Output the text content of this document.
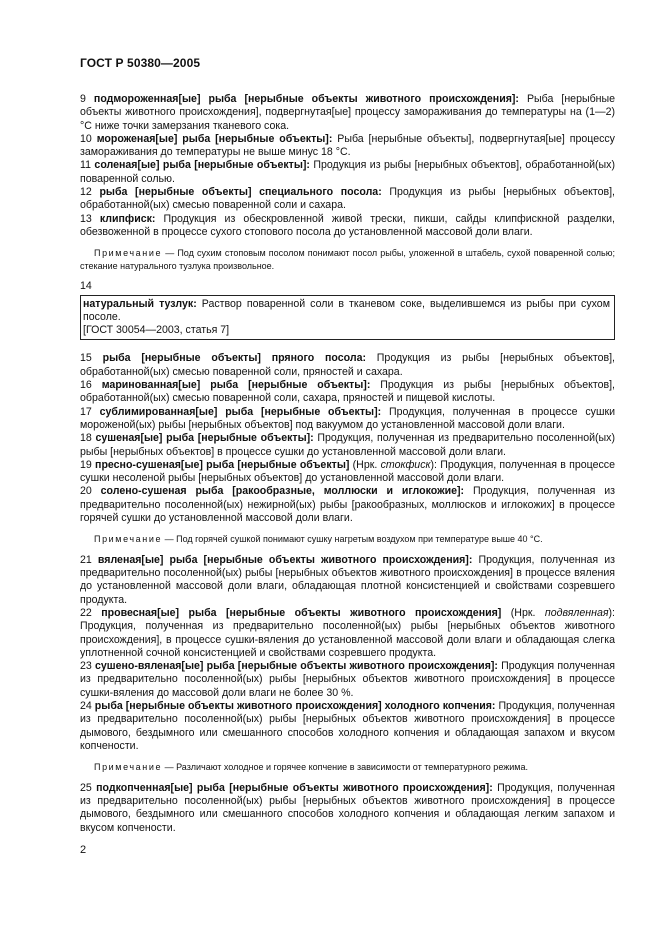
ГОСТ Р 50380—2005

9 подмороженная[ые] рыба [нерыбные объекты животного происхождения]: Рыба [нерыбные объекты животного происхождения], подвергнутая[ые] процессу замораживания до температуры на (1—2) °С ниже точки замерзания тканевого сока.

10 мороженая[ые] рыба [нерыбные объекты]: Рыба [нерыбные объекты], подвергнутая[ые] процессу замораживания до температуры не выше минус 18 °С.

11 соленая[ые] рыба [нерыбные объекты]: Продукция из рыбы [нерыбных объектов], обработанной(ых) поваренной солью.

12 рыба [нерыбные объекты] специального посола: Продукция из рыбы [нерыбных объектов], обработанной(ых) смесью поваренной соли и сахара.

13 клипфиск: Продукция из обескровленной живой трески, пикши, сайды клипфискной разделки, обезвоженной в процессе сухого стопового посола до установленной массовой доли влаги.

Примечание — Под сухим стоповым посолом понимают посол рыбы, уложенной в штабель, сухой поваренной солью; стекание натурального тузлука произвольное.

14

натуральный тузлук: Раствор поваренной соли в тканевом соке, выделившемся из рыбы при сухом посоле.

[ГОСТ 30054—2003, статья 7]

15 рыба [нерыбные объекты] пряного посола: Продукция из рыбы [нерыбных объектов], обработанной(ых) смесью поваренной соли, пряностей и сахара.

16 маринованная[ые] рыба [нерыбные объекты]: Продукция из рыбы [нерыбных объектов], обработанной(ых) смесью поваренной соли, сахара, пряностей и пищевой кислоты.

17 сублимированная[ые] рыба [нерыбные объекты]: Продукция, полученная в процессе сушки мороженой(ых) рыбы [нерыбных объектов] под вакуумом до установленной массовой доли влаги.

18 сушеная[ые] рыба [нерыбные объекты]: Продукция, полученная из предварительно посоленной(ых) рыбы [нерыбных объектов] в процессе сушки до установленной массовой доли влаги.

19 пресно-сушеная[ые] рыба [нерыбные объекты] (Нрк. стокфиск): Продукция, полученная в процессе сушки несоленой рыбы [нерыбных объектов] до установленной массовой доли влаги.

20 солено-сушеная рыба [ракообразные, моллюски и иглокожие]: Продукция, полученная из предварительно посоленной(ых) нежирной(ых) рыбы [ракообразных, моллюсков и иглокожих] в процессе горячей сушки до установленной массовой доли влаги.

Примечание — Под горячей сушкой понимают сушку нагретым воздухом при температуре выше 40 °С.

21 вяленая[ые] рыба [нерыбные объекты животного происхождения]: Продукция, полученная из предварительно посоленной(ых) рыбы [нерыбных объектов животного происхождения] в процессе вяления до установленной массовой доли влаги, обладающая плотной консистенцией и свойствами созревшего продукта.

22 провесная[ые] рыба [нерыбные объекты животного происхождения] (Нрк. подвяленная): Продукция, полученная из предварительно посоленной(ых) рыбы [нерыбных объектов животного происхождения], в процессе сушки-вяления до установленной массовой доли влаги и обладающая слегка уплотненной сочной консистенцией и свойствами созревшего продукта.

23 сушено-вяленая[ые] рыба [нерыбные объекты животного происхождения]: Продукция полученная из предварительно посоленной(ых) рыбы [нерыбных объектов животного происхождения] в процессе сушки-вяления до массовой доли влаги не более 30 %.

24 рыба [нерыбные объекты животного происхождения] холодного копчения: Продукция, полученная из предварительно посоленной(ых) рыбы [нерыбных объектов животного происхождения] в процессе дымового, бездымного или смешанного способов холодного копчения и обладающая запахом и вкусом копчености.

Примечание — Различают холодное и горячее копчение в зависимости от температурного режима.

25 подкопченная[ые] рыба [нерыбные объекты животного происхождения]: Продукция, полученная из предварительно посоленной(ых) рыбы [нерыбных объектов животного происхождения] в процессе дымового, бездымного или смешанного способов холодного копчения и обладающая легким запахом и вкусом копчености.

2
